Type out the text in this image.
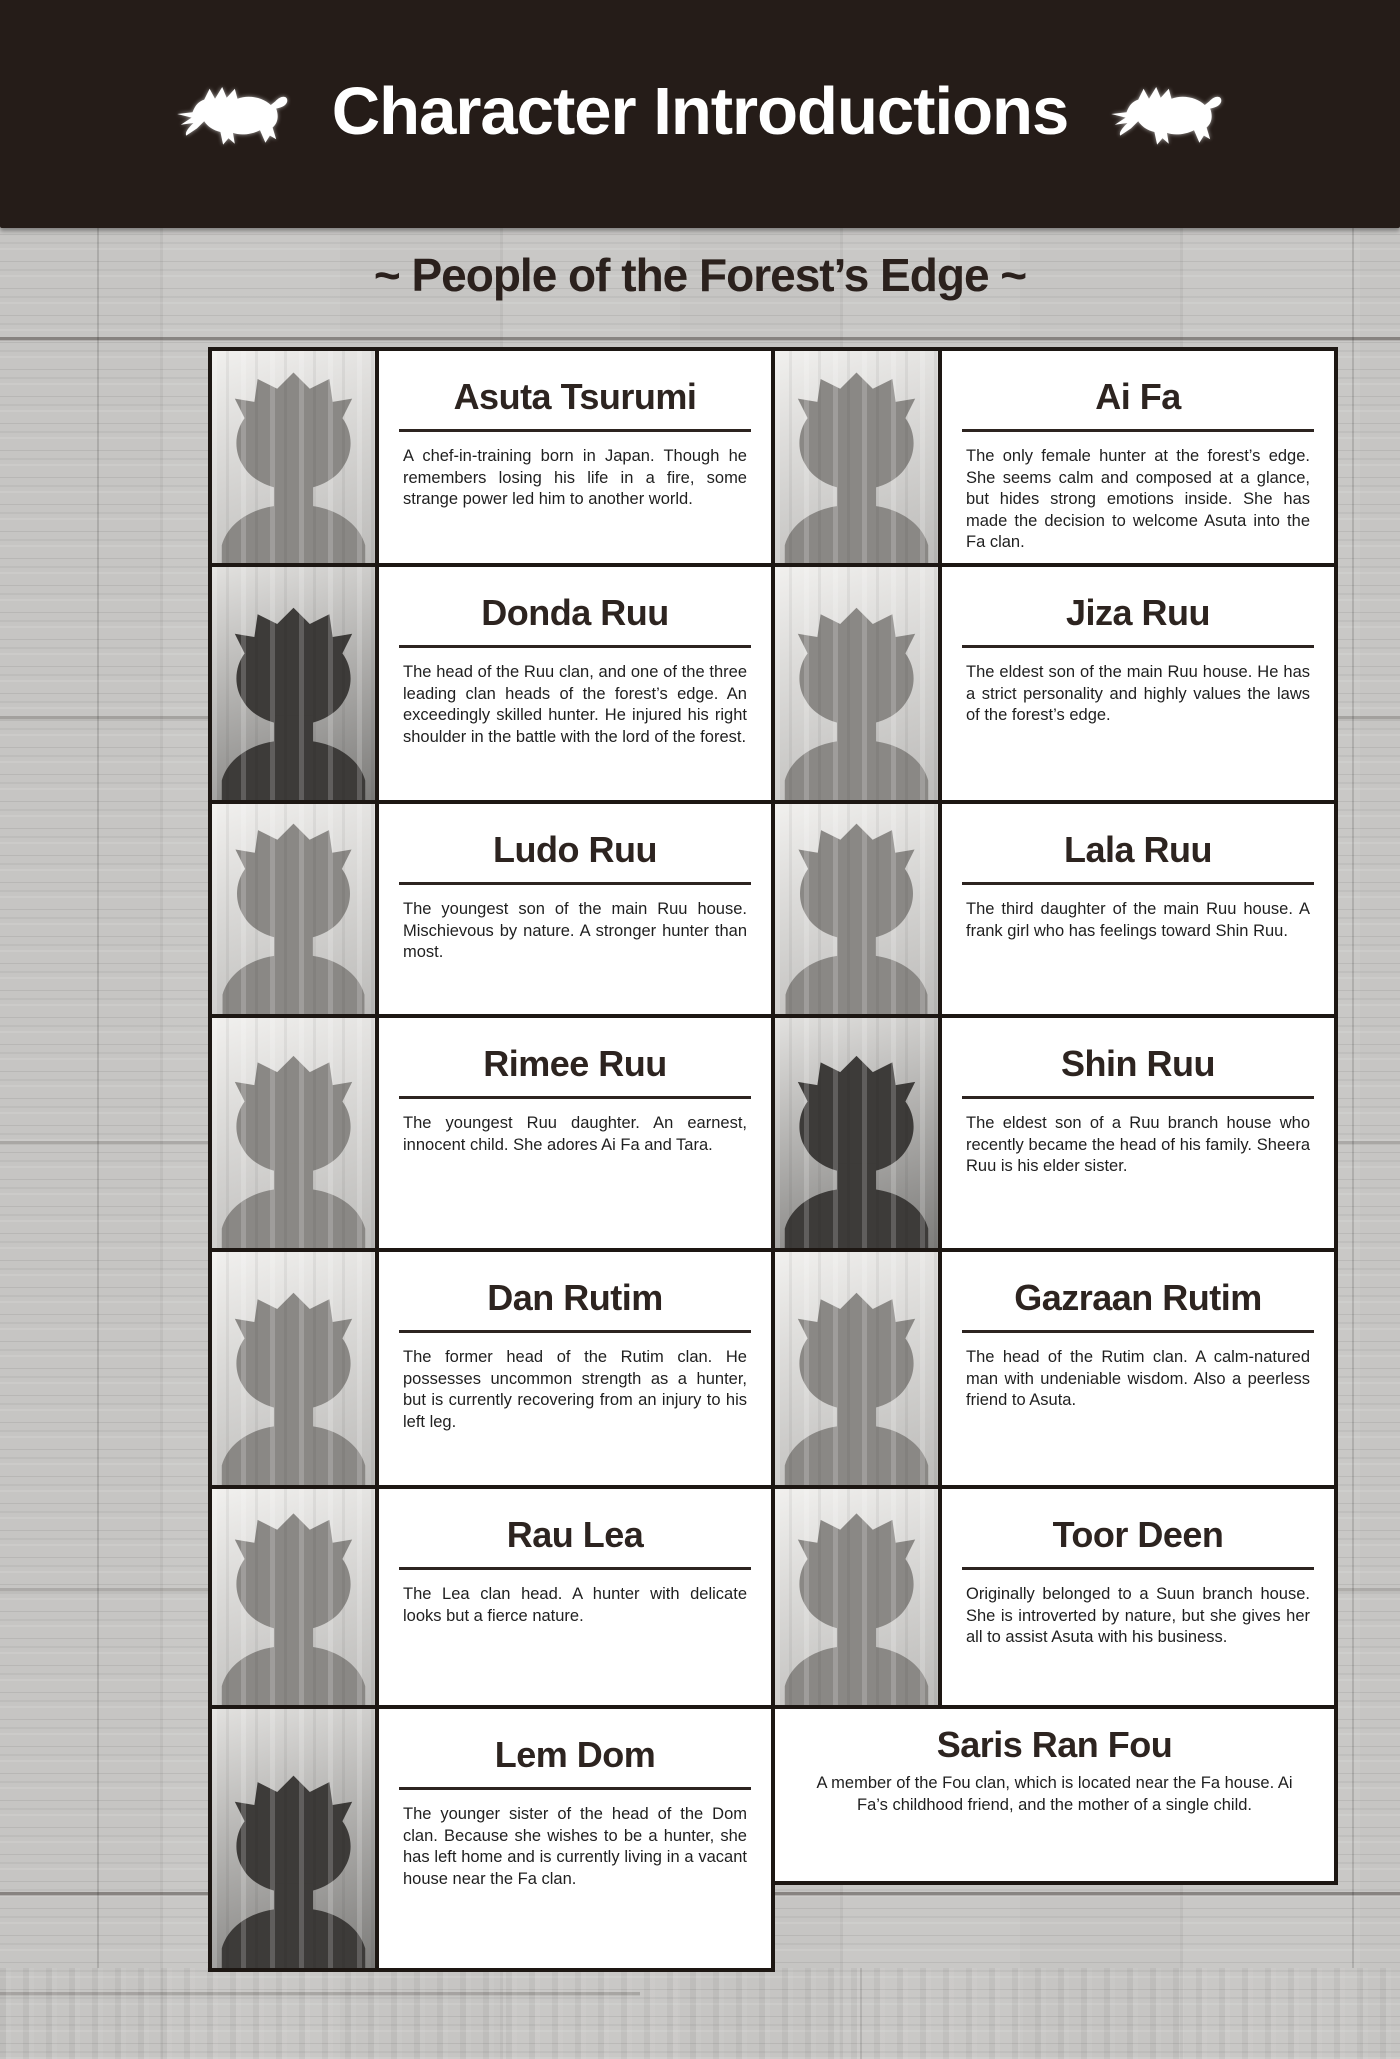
Character Introductions
~ People of the Forest’s Edge ~
Asuta Tsurumi

A chef-in-training born in Japan. Though he remembers losing his life in a fire, some strange power led him to another world.

Ai Fa

The only female hunter at the forest’s edge. She seems calm and composed at a glance, but hides strong emotions inside. She has made the decision to welcome Asuta into the Fa clan.

Donda Ruu

The head of the Ruu clan, and one of the three leading clan heads of the forest’s edge. An exceedingly skilled hunter. He injured his right shoulder in the battle with the lord of the forest.

Jiza Ruu

The eldest son of the main Ruu house. He has a strict personality and highly values the laws of the forest’s edge.

Ludo Ruu

The youngest son of the main Ruu house. Mischievous by nature. A stronger hunter than most.

Lala Ruu

The third daughter of the main Ruu house. A frank girl who has feelings toward Shin Ruu.

Rimee Ruu

The youngest Ruu daughter. An earnest, innocent child. She adores Ai Fa and Tara.

Shin Ruu

The eldest son of a Ruu branch house who recently became the head of his family. Sheera Ruu is his elder sister.

Dan Rutim

The former head of the Rutim clan. He possesses uncommon strength as a hunter, but is currently recovering from an injury to his left leg.

Gazraan Rutim

The head of the Rutim clan. A calm-natured man with undeniable wisdom. Also a peerless friend to Asuta.

Rau Lea

The Lea clan head. A hunter with delicate looks but a fierce nature.

Toor Deen

Originally belonged to a Suun branch house. She is introverted by nature, but she gives her all to assist Asuta with his business.

Lem Dom

The younger sister of the head of the Dom clan. Because she wishes to be a hunter, she has left home and is currently living in a vacant house near the Fa clan.

Saris Ran Fou

A member of the Fou clan, which is located near the Fa house. Ai Fa’s childhood friend, and the mother of a single child.
